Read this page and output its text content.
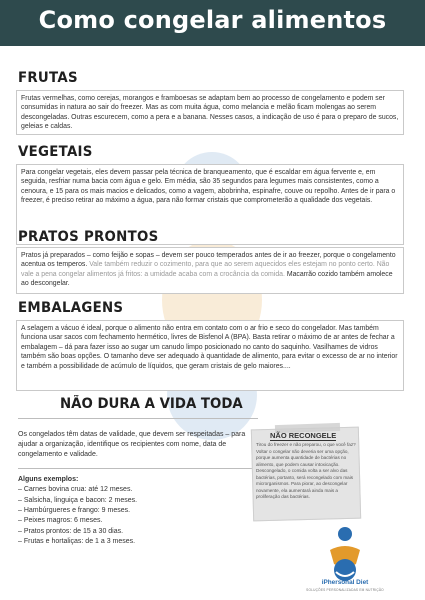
Como congelar alimentos
FRUTAS
Frutas vermelhas, como cerejas, morangos e framboesas se adaptam bem ao processo de congelamento e podem ser consumidas in natura ao sair do freezer. Mas as com muita água, como melancia e melão ficam molengas ao serem descongeladas. Outras escurecem, como a pera e a banana. Nesses casos, a indicação de uso é para o preparo de sucos, geleias e caldas.
VEGETAIS
Para congelar vegetais, eles devem passar pela técnica de branqueamento, que é escaldar em água fervente e, em seguida, resfriar numa bacia com água e gelo. Em média, são 35 segundos para legumes mais consistentes, como a cenoura, e 15 para os mais macios e delicados, como a vagem, abobrinha, espinafre, couve ou repolho. Antes de ir para o freezer, é preciso retirar ao máximo a água, para não formar cristais que comprometerão a qualidade dos vegetais.
PRATOS PRONTOS
Pratos já preparados – como feijão e sopas – devem ser pouco temperados antes de ir ao freezer, porque o congelamento acentua os temperos. Vale também reduzir o cozimento, para que ao serem aquecidos eles estejam no ponto certo. Não vale a pena congelar alimentos já fritos: a umidade acaba com a crocância da comida. Macarrão cozido também amolece ao descongelar.
EMBALAGENS
A selagem a vácuo é ideal, porque o alimento não entra em contato com o ar frio e seco do congelador. Mas também funciona usar sacos com fechamento hermético, livres de Bisfenol A (BPA). Basta retirar o máximo de ar antes de fechar a embalagem – dá para fazer isso ao sugar um canudo limpo posicionado no canto do saquinho. Vasilhames de vidros também são boas opções. O tamanho deve ser adequado à quantidade de alimento, para evitar o excesso de ar no interior e também a possibilidade de acúmulo de líquidos, que geram cristais de gelo maiores....
NÃO DURA A VIDA TODA
Os congelados têm datas de validade, que devem ser respeitadas – para ajudar a organização, identifique os recipientes com nome, data de congelamento e validade.
Alguns exemplos:
– Carnes bovina crua: até 12 meses.
– Salsicha, linguiça e bacon: 2 meses.
– Hambúrgueres e frango: 9 meses.
– Peixes magros: 6 meses.
– Pratos prontos: de 15 a 30 dias.
– Frutas e hortaliças: de 1 a 3 meses.
NÃO RECONGELE
Tirou do freezer e não preparou, o que você faz? Voltar o congelar não deveria ser uma opção, porque aumenta quantidade de bactérias no alimento, que podem causar intoxicação. Descongelado, o comida volta a ser alvo das bactérias, portanto, será recongelado com mais microrganismos. Para piorar, ao descongelar novamente, ela aumentará ainda mais a proliferação das bactérias.
iPhersonal Diet
SOLUÇÕES PERSONALIZADAS EM NUTRIÇÃO
